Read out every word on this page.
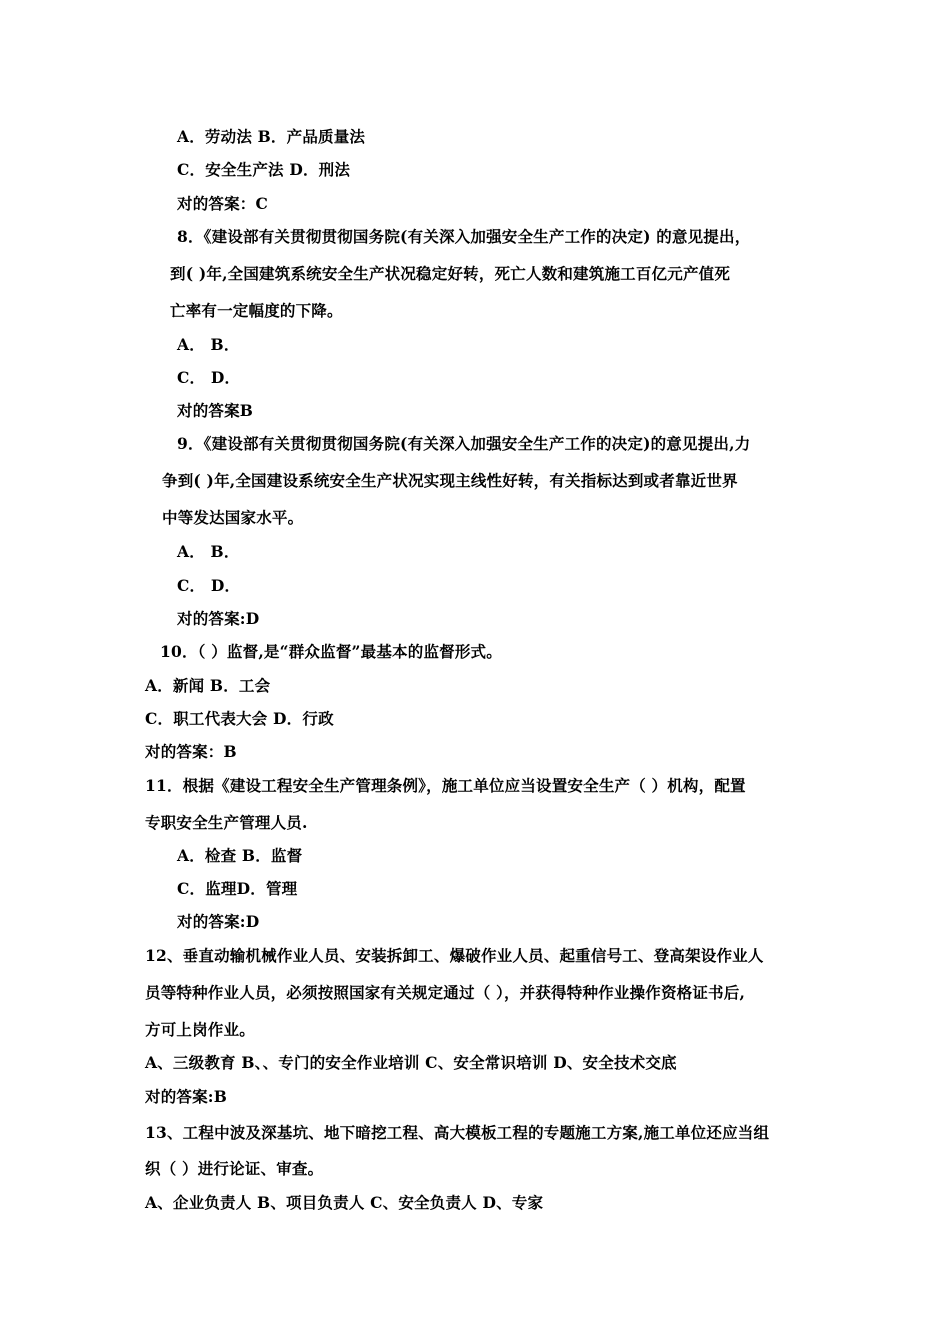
A．劳动法 B．产品质量法
C．安全生产法 D．刑法
对的答案：C
8．《建设部有关贯彻贯彻国务院(有关深入加强安全生产工作的决定) 的意见提出，
到( )年,全国建筑系统安全生产状况稳定好转，死亡人数和建筑施工百亿元产值死
亡率有一定幅度的下降。
A． B．
C． D．
对的答案B
9．《建设部有关贯彻贯彻国务院(有关深入加强安全生产工作的决定)的意见提出,力
争到( )年,全国建设系统安全生产状况实现主线性好转，有关指标达到或者靠近世界
中等发达国家水平。
A． B．
C． D．
对的答案:D
10．（ ）监督,是“群众监督”最基本的监督形式。
A．新闻 B．工会
C．职工代表大会 D．行政
对的答案：B
11．根据《建设工程安全生产管理条例》，施工单位应当设置安全生产（ ）机构，配置
专职安全生产管理人员.
A．检查 B．监督
C．监理D．管理
对的答案:D
12、垂直动输机械作业人员、安装拆卸工、爆破作业人员、起重信号工、登高架设作业人
员等特种作业人员，必须按照国家有关规定通过（ ），并获得特种作业操作资格证书后,
方可上岗作业。
A、三级教育 B、、专门的安全作业培训 C、安全常识培训 D、安全技术交底
对的答案:B
13、工程中波及深基坑、地下暗挖工程、高大模板工程的专题施工方案,施工单位还应当组
织（ ）进行论证、审查。
A、企业负责人 B、项目负责人 C、安全负责人 D、专家
